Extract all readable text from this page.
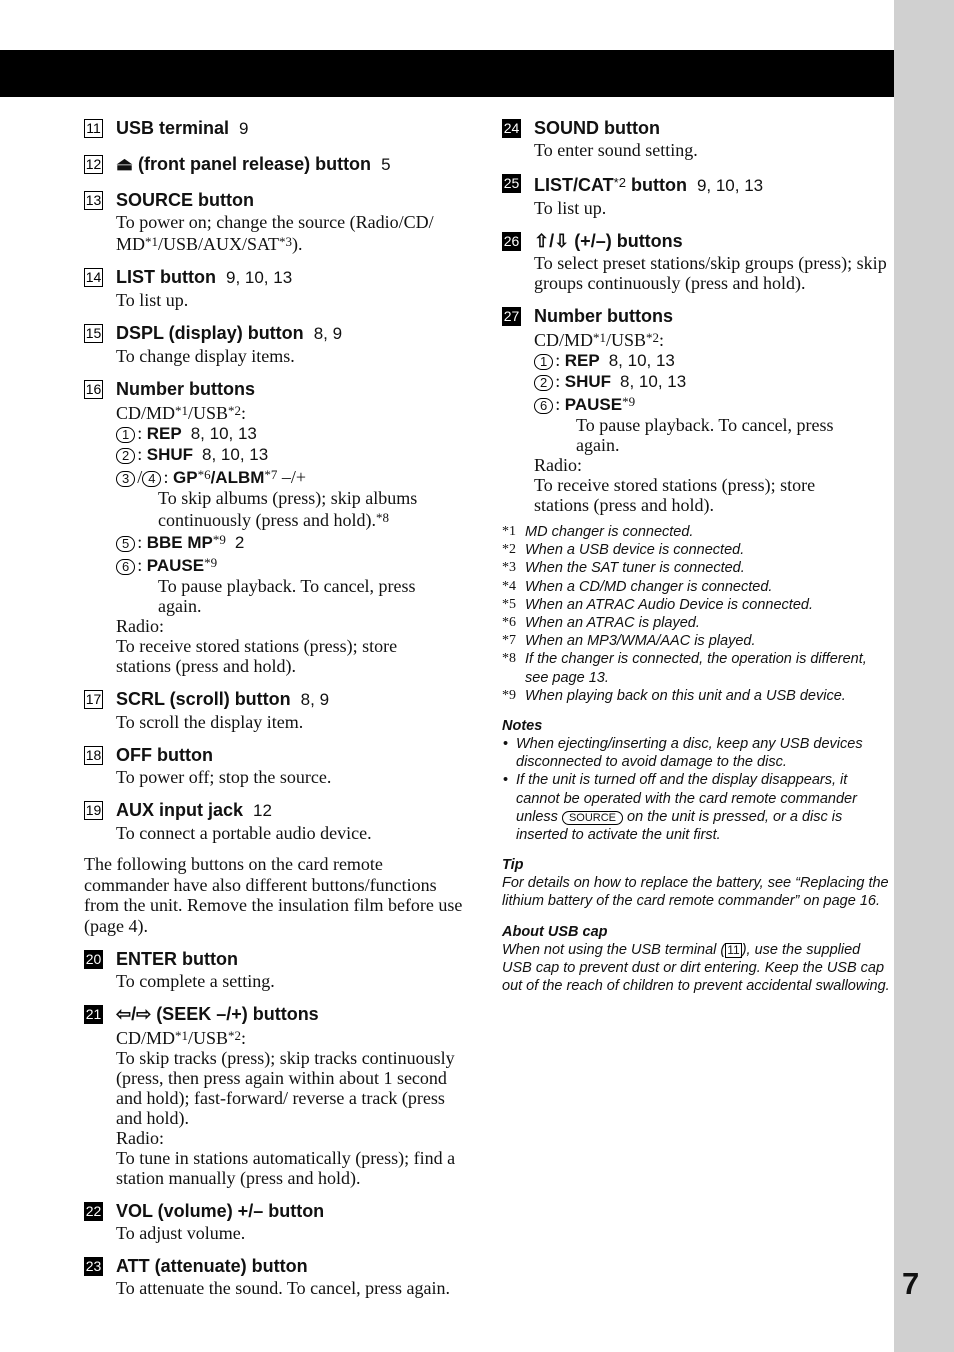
7
11 USB terminal 9
12 ⏏ (front panel release) button 5
13 SOURCE button
To power on; change the source (Radio/CD/
MD$^{*1}$/USB/AUX/SAT$^{*3}$).
14 LIST button 9, 10, 13
To list up.
15 DSPL (display) button 8, 9
To change display items.
16 Number buttons
CD/MD$^{*1}$/USB$^{*2}$:
1 : REP 8, 10, 13
2 : SHUF 8, 10, 13
3 / 4 : GP$^{*6}$/ALBM$^{*7}$ –/+
To skip albums (press); skip albums
continuously (press and hold).$^{*8}$
5 : BBE MP$^{*9}$ 2
6 : PAUSE$^{*9}$
To pause playback. To cancel, press
again.
Radio:
To receive stored stations (press); store
stations (press and hold).
17 SCRL (scroll) button 8, 9
To scroll the display item.
18 OFF button
To power off; stop the source.
19 AUX input jack 12
To connect a portable audio device.
The following buttons on the card remote commander have also different buttons/functions from the unit. Remove the insulation film before use (page 4).
20 ENTER button
To complete a setting.
21 ⇦/⇨ (SEEK –/+) buttons
CD/MD$^{*1}$/USB$^{*2}$:
To skip tracks (press); skip tracks continuously (press, then press again within about 1 second and hold); fast-forward/ reverse a track (press and hold).
Radio:
To tune in stations automatically (press); find a station manually (press and hold).
22 VOL (volume) +/– button
To adjust volume.
23 ATT (attenuate) button
To attenuate the sound. To cancel, press again.
24 SOUND button
To enter sound setting.
25 LIST/CAT$^{*2}$ button 9, 10, 13
To list up.
26 ⇧/⇩ (+/–) buttons
To select preset stations/skip groups (press); skip groups continuously (press and hold).
27 Number buttons
CD/MD$^{*1}$/USB$^{*2}$:
1 : REP 8, 10, 13
2 : SHUF 8, 10, 13
6 : PAUSE$^{*9}$
To pause playback. To cancel, press
again.
Radio:
To receive stored stations (press); store
stations (press and hold).
*1 MD changer is connected.
*2 When a USB device is connected.
*3 When the SAT tuner is connected.
*4 When a CD/MD changer is connected.
*5 When an ATRAC Audio Device is connected.
*6 When an ATRAC is played.
*7 When an MP3/WMA/AAC is played.
*8 If the changer is connected, the operation is different, see page 13.
*9 When playing back on this unit and a USB device.
Notes
• When ejecting/inserting a disc, keep any USB devices disconnected to avoid damage to the disc.
• If the unit is turned off and the display disappears, it cannot be operated with the card remote commander unless SOURCE on the unit is pressed, or a disc is inserted to activate the unit first.
Tip
For details on how to replace the battery, see “Replacing the lithium battery of the card remote commander” on page 16.
About USB cap
When not using the USB terminal ( 11 ), use the supplied USB cap to prevent dust or dirt entering. Keep the USB cap out of the reach of children to prevent accidental swallowing.
